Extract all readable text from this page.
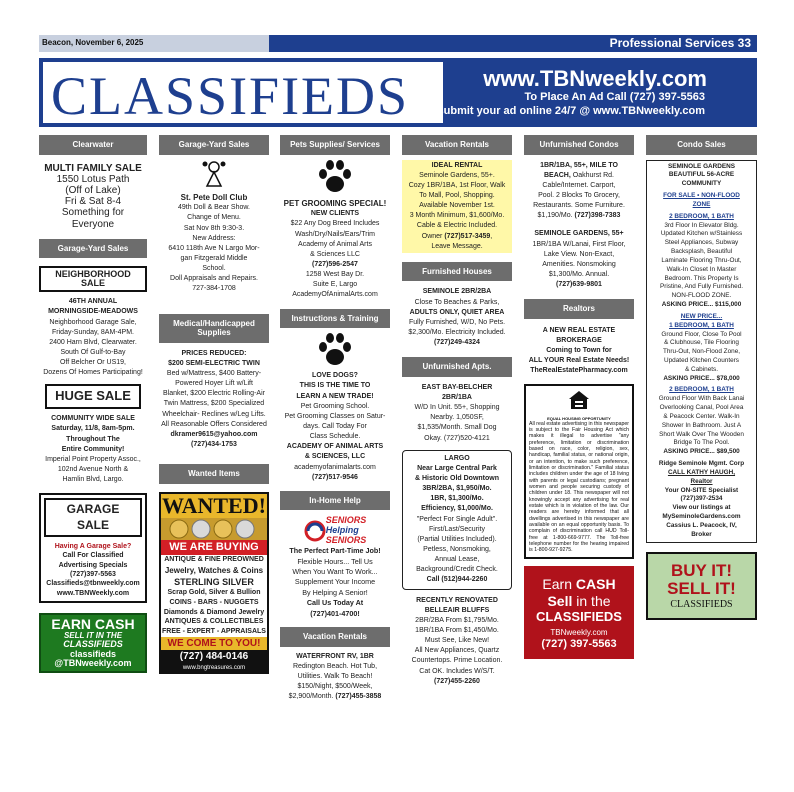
Beacon, November 6, 2025	Professional Services 33
CLASSIFIEDS	www.TBNweekly.com
To Place An Ad Call (727) 397-5563
or submit your ad online 24/7 @ www.TBNweekly.com
Clearwater
MULTI FAMILY SALE
1550 Lotus Path
(Off of Lake)
Fri & Sat 8-4
Something for
Everyone
Garage-Yard Sales
NEIGHBORHOOD SALE
46TH ANNUAL
MORNINGSIDE-MEADOWS
Neighborhood Garage Sale,
Friday-Sunday, 8AM-4PM.
2400 Harn Blvd, Clearwater.
South Of Gulf-to-Bay
Off Belcher Or US19,
Dozens Of Homes Participating!
HUGE SALE
COMMUNITY WIDE SALE
Saturday, 11/8, 8am-5pm.
Throughout The
Entire Community!
Imperial Point Property Assoc.,
102nd Avenue North &
Hamlin Blvd, Largo.
GARAGE SALE
Having A Garage Sale?
Call For Classified
Advertising Specials
(727)397-5563
Classifieds@tbnweekly.com
www.TBNWeekly.com
EARN CASH
SELL IT IN THE
CLASSIFIEDS
classifieds
@TBNweekly.com
Garage-Yard Sales
St. Pete Doll Club
49th Doll & Bear Show.
Change of Menu.
Sat Nov 8th 9:30-3.
New Address:
6410 118th Ave N Largo Mor-
gan Fitzgerald Middle
School.
Doll Appraisals and Repairs.
727-384-1708
Medical/Handicapped Supplies
PRICES REDUCED:
$200 SEMI-ELECTRIC TWIN
Bed w/Mattress, $400 Battery-
Powered Hoyer Lift w/Lift
Blanket, $200 Electric Rolling-Air
Twin Mattress, $200 Specialized
Wheelchair- Reclines w/Leg Lifts.
All Reasonable Offers Considered
dkramer9615@yahoo.com
(727)434-1753
Wanted Items
WANTED!
WE ARE BUYING
ANTIQUE & FINE PREOWNED
Jewelry, Watches & Coins
STERLING SILVER
Scrap Gold, Silver & Bullion
COINS - BARS - NUGGETS
Diamonds & Diamond Jewelry
ANTIQUES & COLLECTIBLES
FREE - EXPERT - APPRAISALS
WE COME TO YOU!
(727) 484-0146
www.bngtreasures.com
Pets Supplies/ Services
PET GROOMING SPECIAL!
NEW CLIENTS
$22 Any Dog Breed Includes
Wash/Dry/Nails/Ears/Trim
Academy of Animal Arts
& Sciences LLC
(727)596-2547
1258 West Bay Dr.
Suite E, Largo
AcademyOfAnimalArts.com
Instructions & Training
LOVE DOGS?
THIS IS THE TIME TO
LEARN A NEW TRADE!
Pet Grooming School.
Pet Grooming Classes on Satur-
days. Call Today For
Class Schedule.
ACADEMY OF ANIMAL ARTS
& SCIENCES, LLC
academyofanimalarts.com
(727)517-9546
In-Home Help
SENIORS
Helping
SENIORS
The Perfect Part-Time Job!
Flexible Hours... Tell Us
When You Want To Work...
Supplement Your Income
By Helping A Senior!
Call Us Today At
(727)401-4700!
Vacation Rentals
WATERFRONT RV, 1BR
Redington Beach. Hot Tub,
Utilities. Walk To Beach!
$150/Night, $500/Week,
$2,900/Month. (727)455-3858
Vacation Rentals
IDEAL RENTAL
Seminole Gardens, 55+.
Cozy 1BR/1BA, 1st Floor, Walk
To Mall, Pool, Shopping.
Available November 1st.
3 Month Minimum, $1,600/Mo.
Cable & Electric Included.
Owner (727)517-3459,
Leave Message.
Furnished Houses
SEMINOLE 2BR/2BA
Close To Beaches & Parks,
ADULTS ONLY, QUIET AREA
Fully Furnished, W/D, No Pets.
$2,300/Mo. Electricity Included.
(727)249-4324
Unfurnished Apts.
EAST BAY-BELCHER
2BR/1BA
W/D In Unit. 55+, Shopping
Nearby. 1,050SF,
$1,535/Month. Small Dog
Okay. (727)520-4121
LARGO
Near Large Central Park
& Historic Old Downtown
3BR/2BA, $1,950/Mo.
1BR, $1,300/Mo.
Efficiency, $1,000/Mo.
"Perfect For Single Adult".
First/Last/Security
(Partial Utilities Included).
Petless, Nonsmoking,
Annual Lease,
Background/Credit Check.
Call (512)944-2260
RECENTLY RENOVATED
BELLEAIR BLUFFS
2BR/2BA From $1,795/Mo.
1BR/1BA From $1,450/Mo.
Must See, Like New!
All New Appliances, Quartz
Countertops. Prime Location.
Cat OK. Includes W/S/T.
(727)455-2260
Unfurnished Condos
1BR/1BA, 55+, MILE TO
BEACH, Oakhurst Rd.
Cable/Internet. Carport,
Pool. 2 Blocks To Grocery,
Restaurants. Some Furniture.
$1,190/Mo. (727)398-7383
SEMINOLE GARDENS, 55+
1BR/1BA W/Lanai, First Floor,
Lake View. Non-Exact,
Amenities. Nonsmoking
$1,300/Mo. Annual.
(727)639-9801
Realtors
A NEW REAL ESTATE
BROKERAGE
Coming to Town for
ALL YOUR Real Estate Needs!
TheRealEstatePharmacy.com
EQUAL HOUSING OPPORTUNITY
All real estate advertising in this newspaper is subject to the Fair Housing Act which makes it illegal to advertise "any preference, limitation or discrimination based on race, color, religion, sex, handicap, familial status, or national origin, or an intention, to make such preference, limitation or discrimination." Familial status includes children under the age of 18 living with parents or legal custodians; pregnant women and people securing custody of children under 18. This newspaper will not knowingly accept any advertising for real estate which is in violation of the law. Our readers are hereby informed that all dwellings advertised in this newspaper are available on an equal opportunity basis. To complain of discrimination call HUD Toll-free at 1-800-669-9777. The Toll-free telephone number for the hearing impaired is 1-800-927-9275.
Earn CASH
Sell in the
CLASSIFIEDS
TBNweekly.com
(727) 397-5563
Condo Sales
SEMINOLE GARDENS
BEAUTIFUL 56-ACRE
COMMUNITY
FOR SALE • NON-FLOOD
ZONE
2 BEDROOM, 1 BATH
3rd Floor In Elevator Bldg.
Updated Kitchen w/Stainless
Steel Appliances, Subway
Backsplash, Beautiful
Laminate Flooring Thru-Out,
Walk-In Closet In Master
Bedroom. This Property Is
Pristine, And Fully Furnished.
NON-FLOOD ZONE.
ASKING PRICE... $115,000
NEW PRICE...
1 BEDROOM, 1 BATH
Ground Floor, Close To Pool
& Clubhouse, Tile Flooring
Thru-Out, Non-Flood Zone,
Updated Kitchen Counters
& Cabinets.
ASKING PRICE... $78,000
2 BEDROOM, 1 BATH
Ground Floor With Back Lanai
Overlooking Canal, Pool Area
& Peacock Center. Walk-In
Shower In Bathroom. Just A
Short Walk Over The Wooden
Bridge To The Pool.
ASKING PRICE... $89,500
Ridge Seminole Mgmt. Corp
CALL KATHY HAUGH,
Realtor
Your ON-SITE Specialist
(727)397-2534
View our listings at
MySeminoleGardens.com
Cassius L. Peacock, IV,
Broker
BUY IT!
SELL IT!
CLASSIFIEDS
